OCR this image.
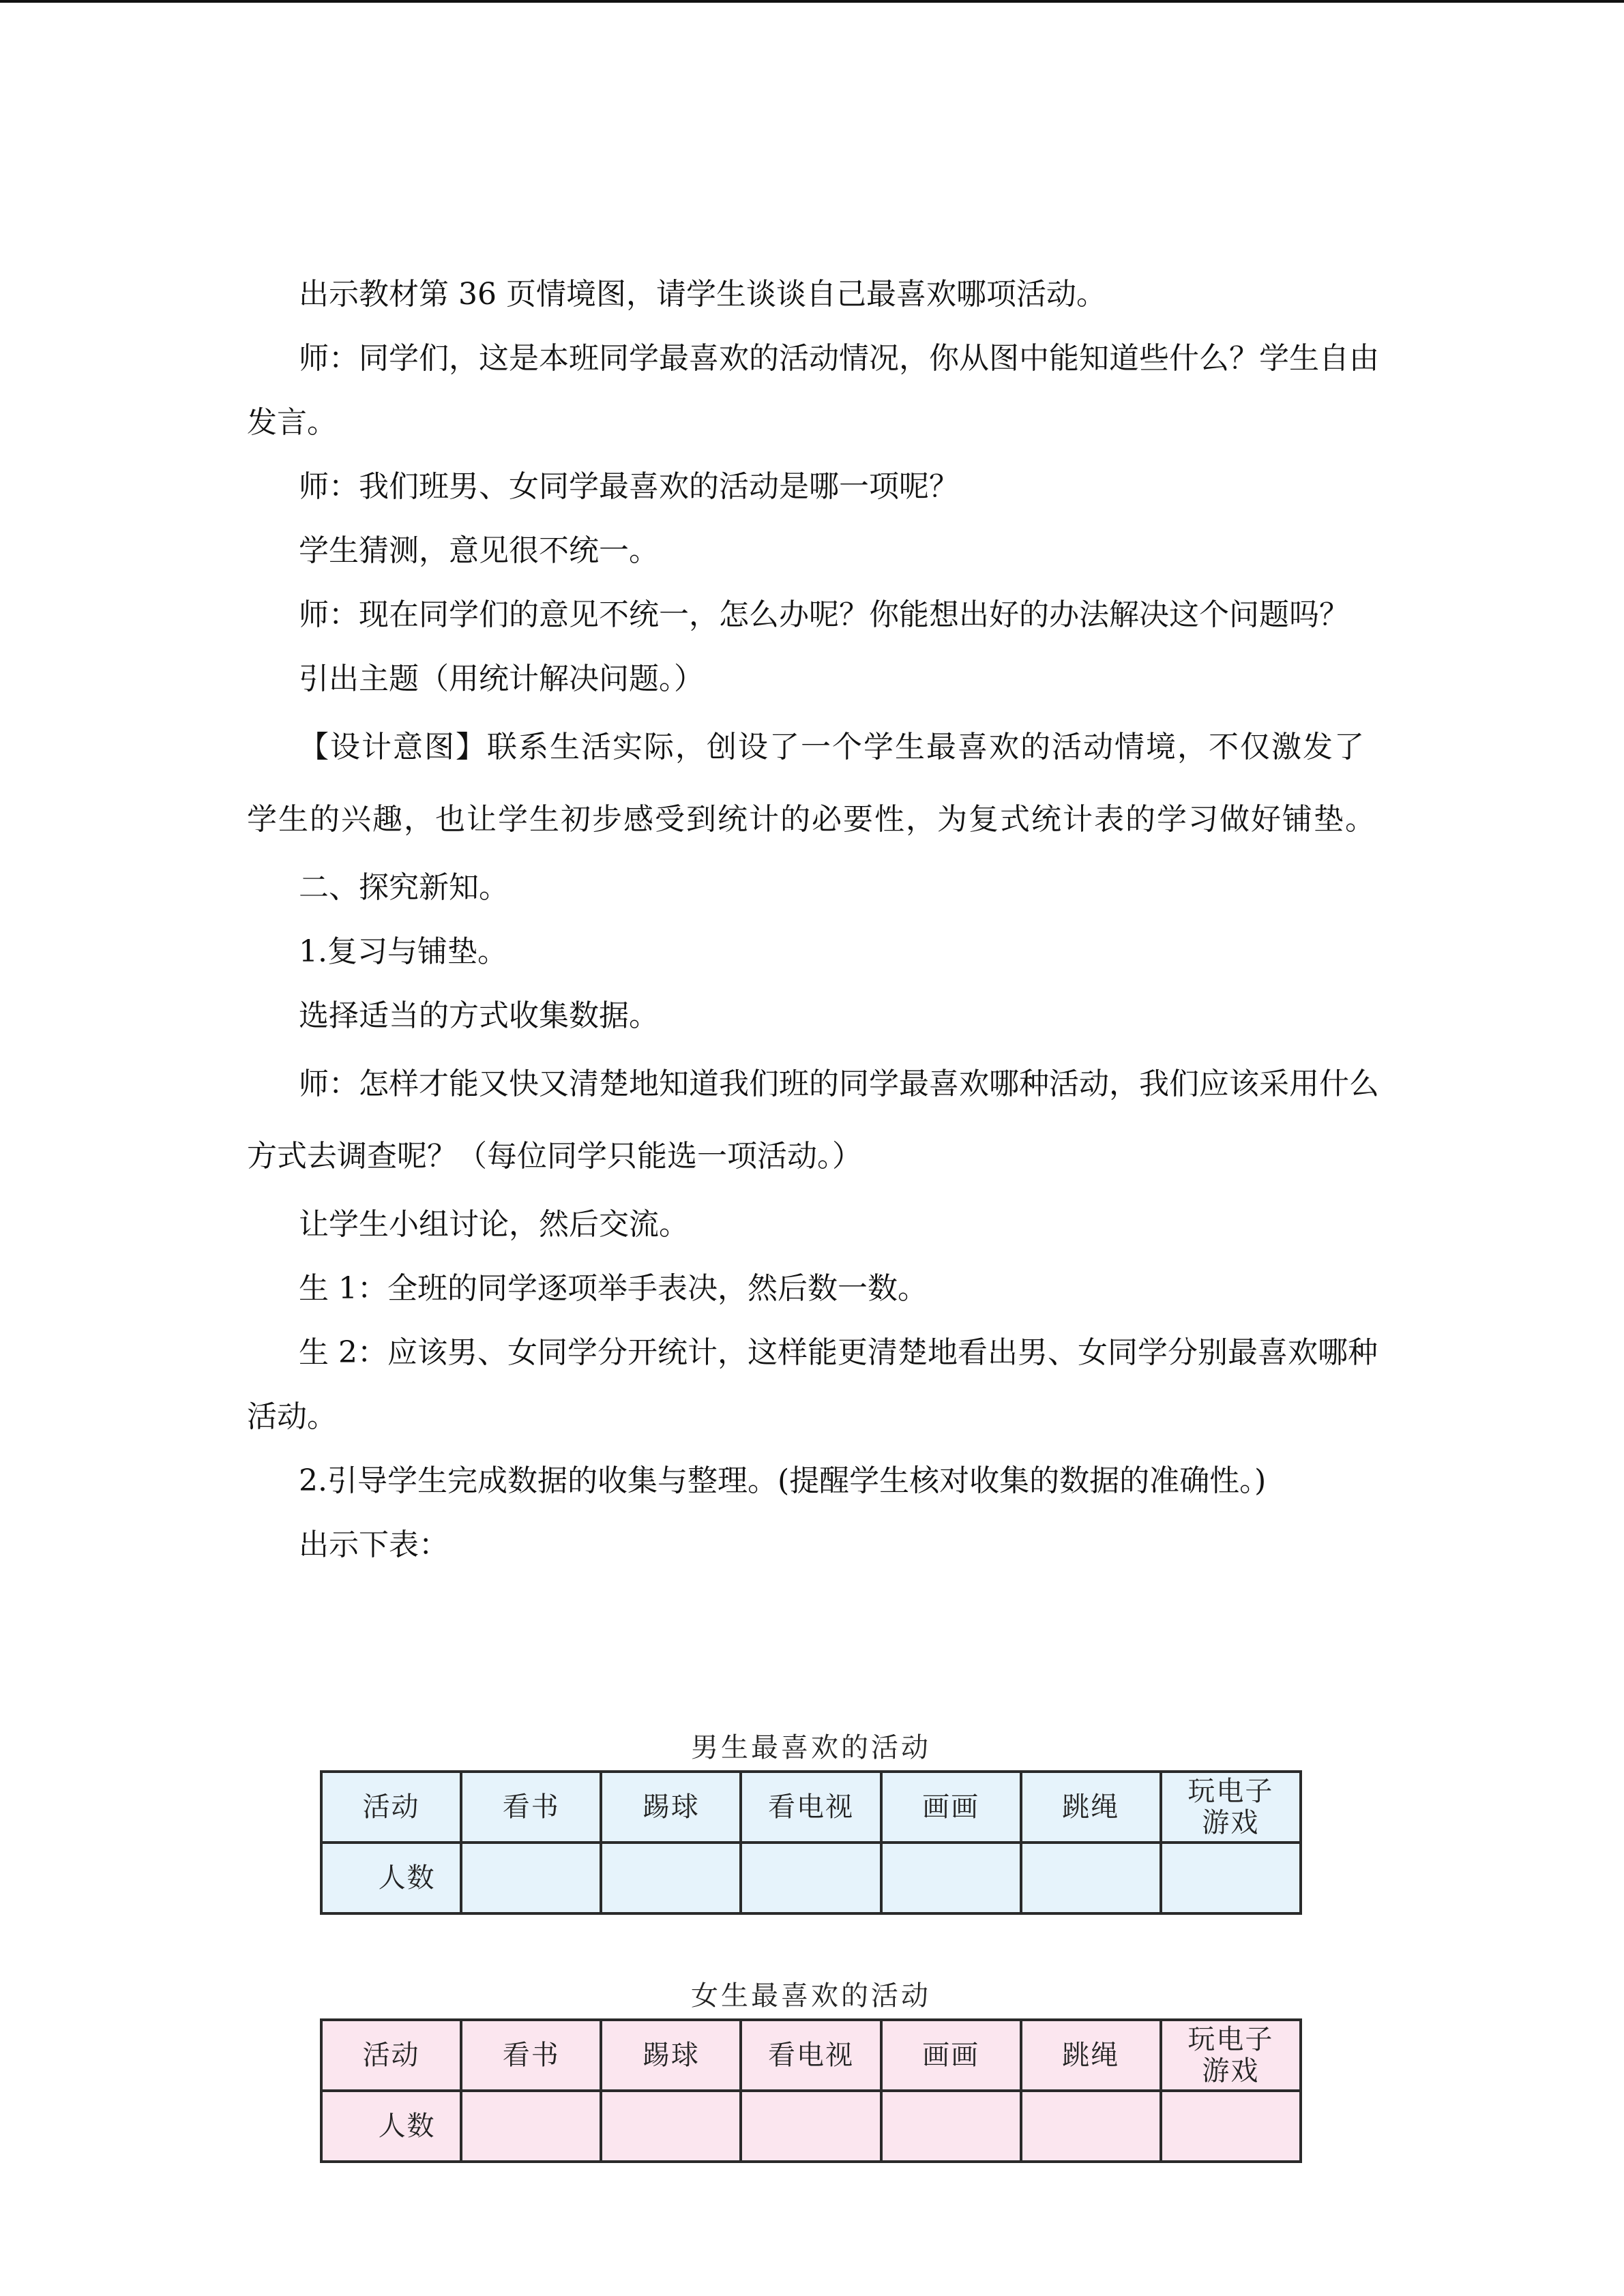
出示教材第 36 页情境图，请学生谈谈自己最喜欢哪项活动。

师：同学们，这是本班同学最喜欢的活动情况，你从图中能知道些什么？学生自由发言。

师：我们班男、女同学最喜欢的活动是哪一项呢？

学生猜测，意见很不统一。

师：现在同学们的意见不统一，怎么办呢？你能想出好的办法解决这个问题吗？

引出主题（用统计解决问题。）

【设计意图】联系生活实际，创设了一个学生最喜欢的活动情境，不仅激发了学生的兴趣，也让学生初步感受到统计的必要性，为复式统计表的学习做好铺垫。

二、探究新知。

1.复习与铺垫。

选择适当的方式收集数据。

师：怎样才能又快又清楚地知道我们班的同学最喜欢哪种活动，我们应该采用什么方式去调查呢？（每位同学只能选一项活动。）

让学生小组讨论，然后交流。

生 1：全班的同学逐项举手表决，然后数一数。

生 2：应该男、女同学分开统计，这样能更清楚地看出男、女同学分别最喜欢哪种活动。

2.引导学生完成数据的收集与整理。(提醒学生核对收集的数据的准确性。)

出示下表：

男生最喜欢的活动
活动	看书	踢球	看电视	画画	跳绳	玩电子游戏
人数						
女生最喜欢的活动
活动	看书	踢球	看电视	画画	跳绳	玩电子游戏
人数						
